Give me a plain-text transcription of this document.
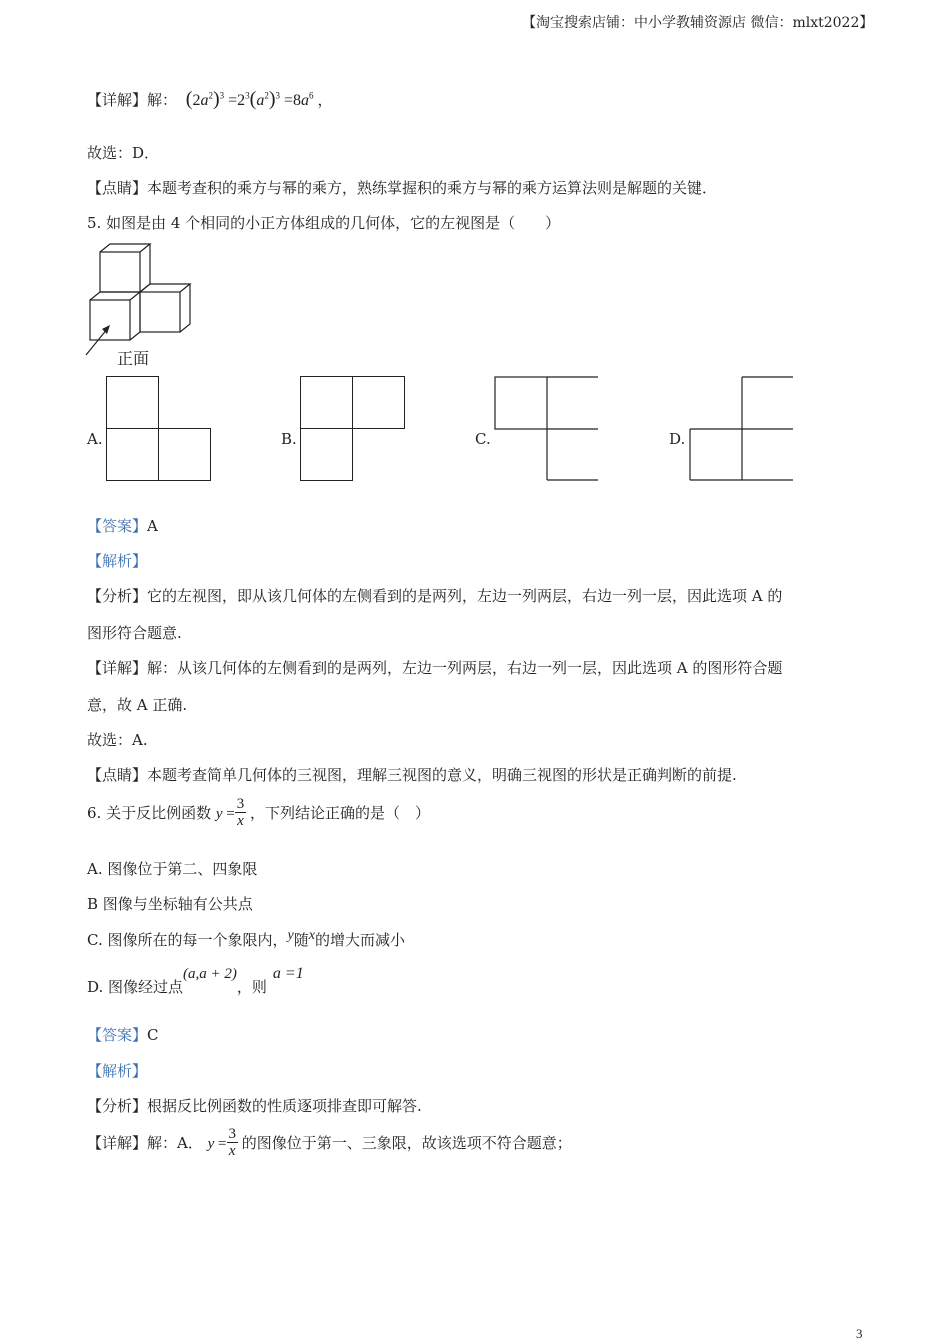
【淘宝搜索店铺：中小学教辅资源店 微信：mlxt2022】
【详解】解： $(2a^2)^3 =2^3(a^2)^3 =8a^6$ ，
故选：D．
【点睛】本题考查积的乘方与幂的乘方，熟练掌握积的乘方与幂的乘方运算法则是解题的关键．
5. 如图是由 4 个相同的小正方体组成的几何体，它的左视图是（　　）
正面
A.	B.	C.	D.
【答案】A
【解析】
【分析】它的左视图，即从该几何体的左侧看到的是两列，左边一列两层，右边一列一层，因此选项 A 的
图形符合题意.
【详解】解：从该几何体的左侧看到的是两列，左边一列两层，右边一列一层，因此选项 A 的图形符合题
意，故 A 正确.
故选：A.
【点睛】本题考查简单几何体的三视图，理解三视图的意义，明确三视图的形状是正确判断的前提.
6. 关于反比例函数 $y = \frac{3}{x}$ ，下列结论正确的是（　）
A. 图像位于第二、四象限
B 图像与坐标轴有公共点
C. 图像所在的每一个象限内，$^y$随$^x$的增大而减小
D. 图像经过点(a,a + 2)，则a =1
【答案】C
【解析】
【分析】根据反比例函数的性质逐项排查即可解答.
【详解】解：A． $y = \frac{3}{x}$ 的图像位于第一、三象限，故该选项不符合题意；
3
